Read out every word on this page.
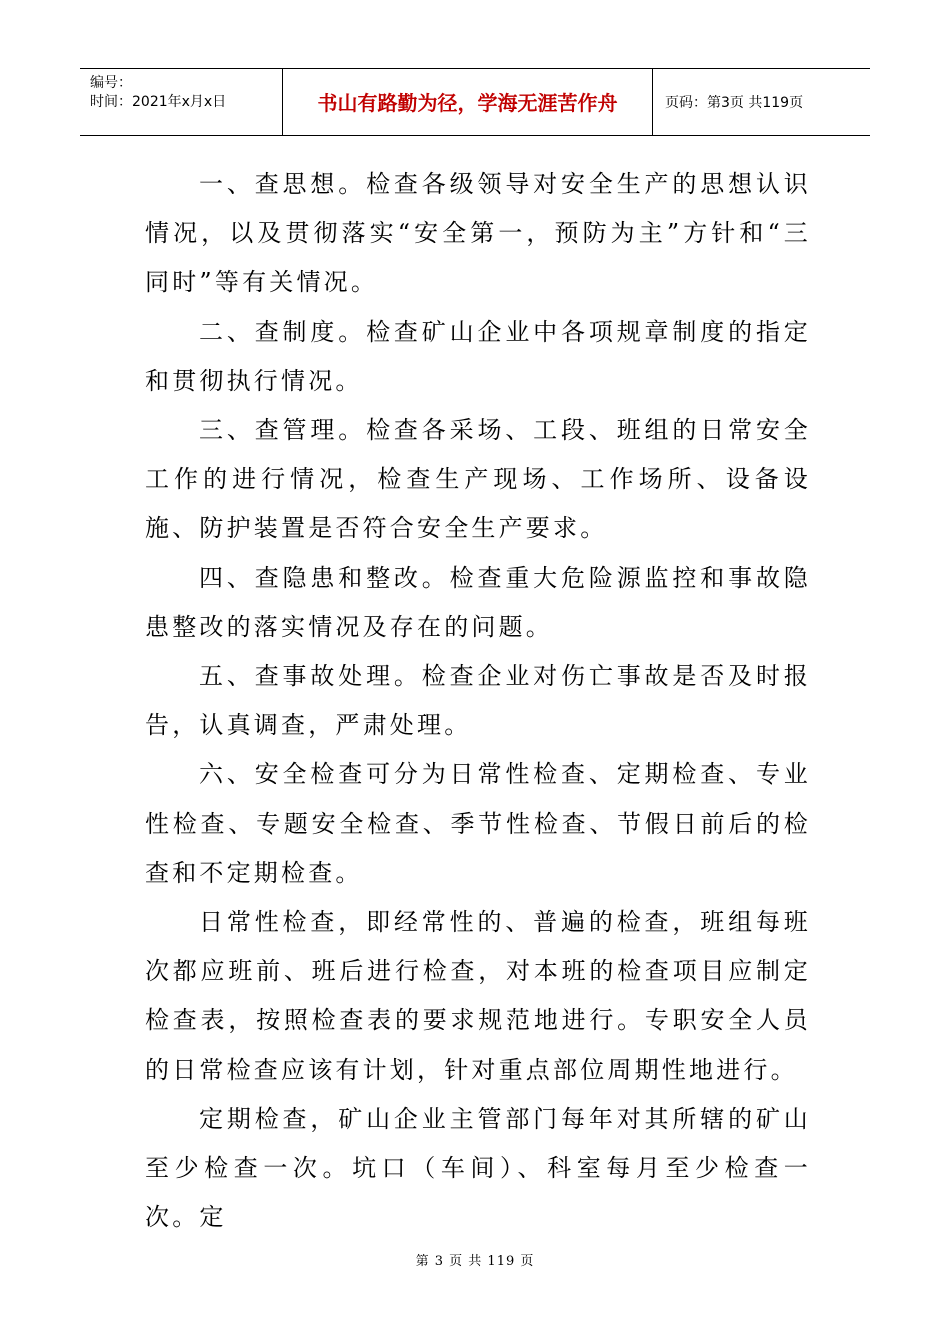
编号：
时间：2021年x月x日	书山有路勤为径，学海无涯苦作舟	页码：第3页 共119页

一、查思想。检查各级领导对安全生产的思想认识情况，以及贯彻落实“安全第一，预防为主”方针和“三同时”等有关情况。

二、查制度。检查矿山企业中各项规章制度的指定和贯彻执行情况。

三、查管理。检查各采场、工段、班组的日常安全工作的进行情况，检查生产现场、工作场所、设备设施、防护装置是否符合安全生产要求。

四、查隐患和整改。检查重大危险源监控和事故隐患整改的落实情况及存在的问题。

五、查事故处理。检查企业对伤亡事故是否及时报告，认真调查，严肃处理。

六、安全检查可分为日常性检查、定期检查、专业性检查、专题安全检查、季节性检查、节假日前后的检查和不定期检查。

日常性检查，即经常性的、普遍的检查，班组每班次都应班前、班后进行检查，对本班的检查项目应制定检查表，按照检查表的要求规范地进行。专职安全人员的日常检查应该有计划，针对重点部位周期性地进行。

定期检查，矿山企业主管部门每年对其所辖的矿山至少检查一次。坑口（车间）、科室每月至少检查一次。定

第 3 页 共 119 页
